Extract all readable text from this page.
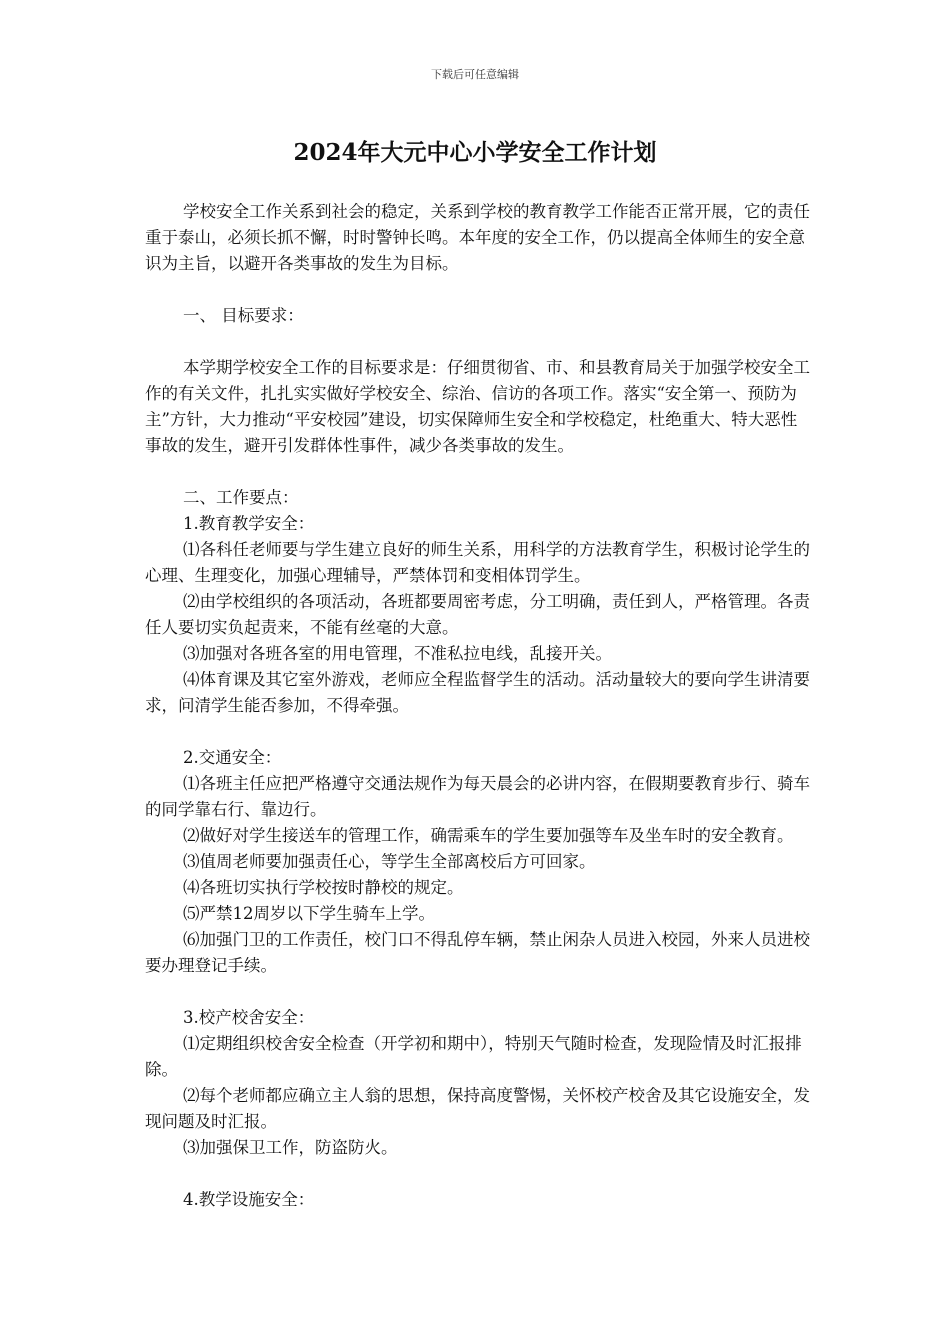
下载后可任意编辑
2024年大元中心小学安全工作计划

学校安全工作关系到社会的稳定，关系到学校的教育教学工作能否正常开展，它的责任重于泰山，必须长抓不懈，时时警钟长鸣。本年度的安全工作，仍以提高全体师生的安全意识为主旨，以避开各类事故的发生为目标。

一、 目标要求：

本学期学校安全工作的目标要求是：仔细贯彻省、市、和县教育局关于加强学校安全工作的有关文件，扎扎实实做好学校安全、综治、信访的各项工作。落实“安全第一、预防为主”方针，大力推动“平安校园”建设，切实保障师生安全和学校稳定，杜绝重大、特大恶性事故的发生，避开引发群体性事件，减少各类事故的发生。

二、工作要点：

1.教育教学安全：

⑴各科任老师要与学生建立良好的师生关系，用科学的方法教育学生，积极讨论学生的心理、生理变化，加强心理辅导，严禁体罚和变相体罚学生。

⑵由学校组织的各项活动，各班都要周密考虑，分工明确，责任到人，严格管理。各责任人要切实负起责来，不能有丝毫的大意。

⑶加强对各班各室的用电管理，不准私拉电线，乱接开关。

⑷体育课及其它室外游戏，老师应全程监督学生的活动。活动量较大的要向学生讲清要求，问清学生能否参加，不得牵强。

2.交通安全：

⑴各班主任应把严格遵守交通法规作为每天晨会的必讲内容，在假期要教育步行、骑车的同学靠右行、靠边行。

⑵做好对学生接送车的管理工作，确需乘车的学生要加强等车及坐车时的安全教育。

⑶值周老师要加强责任心，等学生全部离校后方可回家。

⑷各班切实执行学校按时静校的规定。

⑸严禁12周岁以下学生骑车上学。

⑹加强门卫的工作责任，校门口不得乱停车辆，禁止闲杂人员进入校园，外来人员进校要办理登记手续。

3.校产校舍安全：

⑴定期组织校舍安全检查（开学初和期中），特别天气随时检查，发现险情及时汇报排除。

⑵每个老师都应确立主人翁的思想，保持高度警惕，关怀校产校舍及其它设施安全，发现问题及时汇报。

⑶加强保卫工作，防盗防火。

4.教学设施安全：
